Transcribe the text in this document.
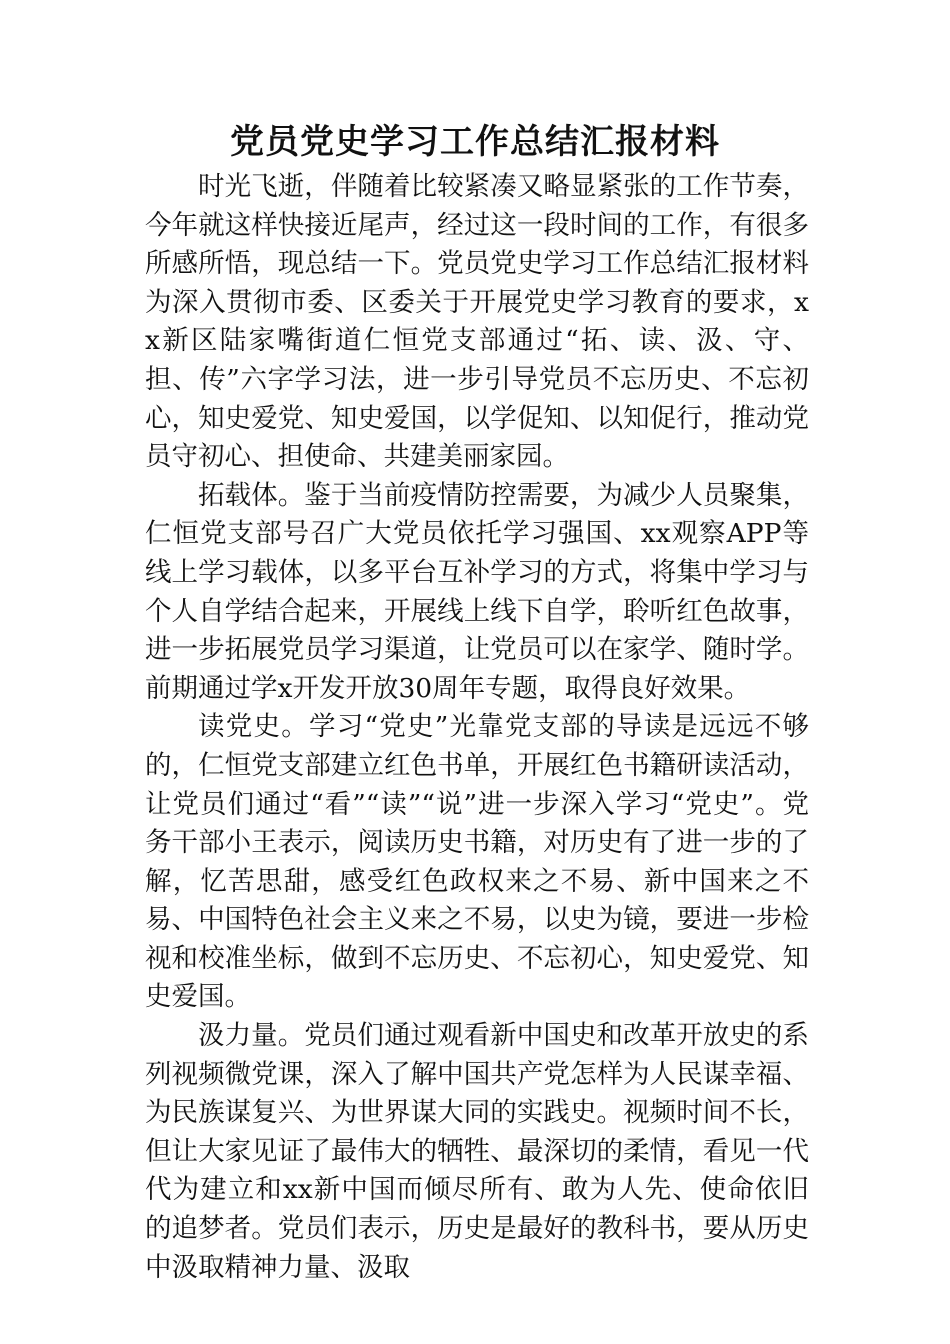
党员党史学习工作总结汇报材料

时光飞逝，伴随着比较紧凑又略显紧张的工作节奏，今年就这样快接近尾声，经过这一段时间的工作，有很多所感所悟，现总结一下。党员党史学习工作总结汇报材料为深入贯彻市委、区委关于开展党史学习教育的要求，xx新区陆家嘴街道仁恒党支部通过“拓、读、汲、守、担、传”六字学习法，进一步引导党员不忘历史、不忘初心，知史爱党、知史爱国，以学促知、以知促行，推动党员守初心、担使命、共建美丽家园。

拓载体。鉴于当前疫情防控需要，为减少人员聚集，仁恒党支部号召广大党员依托学习强国、xx观察APP等线上学习载体，以多平台互补学习的方式，将集中学习与个人自学结合起来，开展线上线下自学，聆听红色故事，进一步拓展党员学习渠道，让党员可以在家学、随时学。前期通过学x开发开放30周年专题，取得良好效果。

读党史。学习“党史”光靠党支部的导读是远远不够的，仁恒党支部建立红色书单，开展红色书籍研读活动，让党员们通过“看”“读”“说”进一步深入学习“党史”。党务干部小王表示，阅读历史书籍，对历史有了进一步的了解，忆苦思甜，感受红色政权来之不易、新中国来之不易、中国特色社会主义来之不易，以史为镜，要进一步检视和校准坐标，做到不忘历史、不忘初心，知史爱党、知史爱国。

汲力量。党员们通过观看新中国史和改革开放史的系列视频微党课，深入了解中国共产党怎样为人民谋幸福、为民族谋复兴、为世界谋大同的实践史。视频时间不长，但让大家见证了最伟大的牺牲、最深切的柔情，看见一代代为建立和xx新中国而倾尽所有、敢为人先、使命依旧的追梦者。党员们表示，历史是最好的教科书，要从历史中汲取精神力量、汲取
